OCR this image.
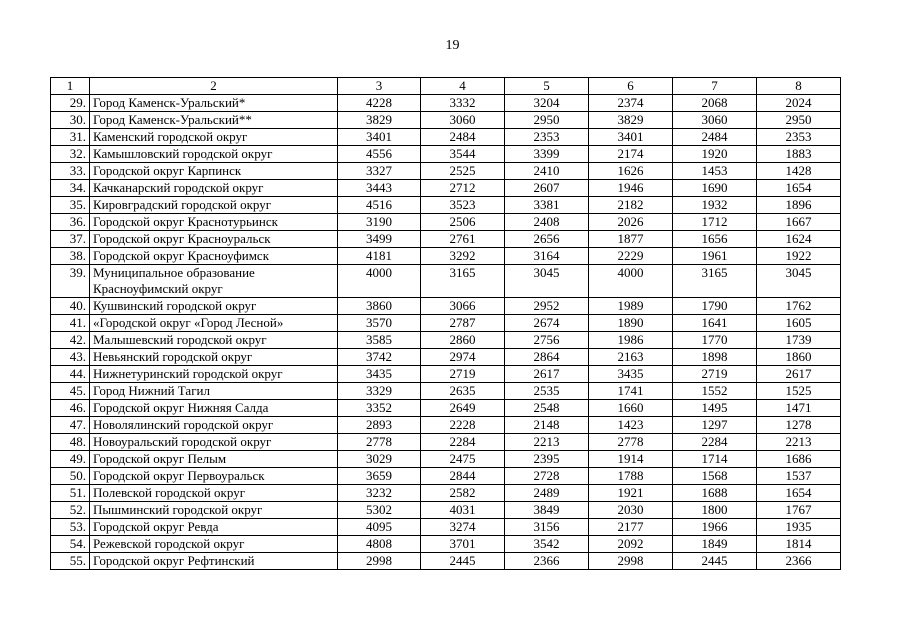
19
1	2	3	4	5	6	7	8
29.	Город Каменск-Уральский*	4228	3332	3204	2374	2068	2024
30.	Город Каменск-Уральский**	3829	3060	2950	3829	3060	2950
31.	Каменский городской округ	3401	2484	2353	3401	2484	2353
32.	Камышловский городской округ	4556	3544	3399	2174	1920	1883
33.	Городской округ Карпинск	3327	2525	2410	1626	1453	1428
34.	Качканарский городской округ	3443	2712	2607	1946	1690	1654
35.	Кировградский городской округ	4516	3523	3381	2182	1932	1896
36.	Городской округ Краснотурьинск	3190	2506	2408	2026	1712	1667
37.	Городской округ Красноуральск	3499	2761	2656	1877	1656	1624
38.	Городской округ Красноуфимск	4181	3292	3164	2229	1961	1922
39.	Муниципальное образование Красноуфимский округ	4000	3165	3045	4000	3165	3045
40.	Кушвинский городской округ	3860	3066	2952	1989	1790	1762
41.	«Городской округ «Город Лесной»	3570	2787	2674	1890	1641	1605
42.	Малышевский городской округ	3585	2860	2756	1986	1770	1739
43.	Невьянский городской округ	3742	2974	2864	2163	1898	1860
44.	Нижнетуринский городской округ	3435	2719	2617	3435	2719	2617
45.	Город Нижний Тагил	3329	2635	2535	1741	1552	1525
46.	Городской округ Нижняя Салда	3352	2649	2548	1660	1495	1471
47.	Новолялинский городской округ	2893	2228	2148	1423	1297	1278
48.	Новоуральский городской округ	2778	2284	2213	2778	2284	2213
49.	Городской округ Пелым	3029	2475	2395	1914	1714	1686
50.	Городской округ Первоуральск	3659	2844	2728	1788	1568	1537
51.	Полевской городской округ	3232	2582	2489	1921	1688	1654
52.	Пышминский городской округ	5302	4031	3849	2030	1800	1767
53.	Городской округ Ревда	4095	3274	3156	2177	1966	1935
54.	Режевской городской округ	4808	3701	3542	2092	1849	1814
55.	Городской округ Рефтинский	2998	2445	2366	2998	2445	2366
